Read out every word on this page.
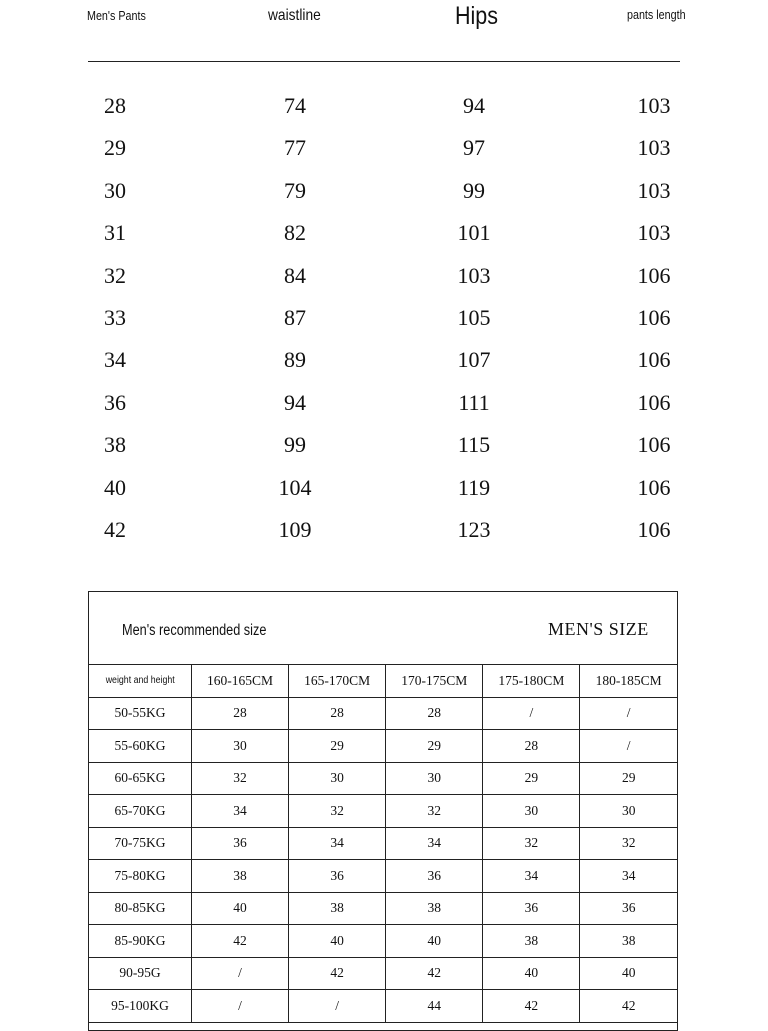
Men's Pants	waistline	Hips	pants length
28	74	94	103
29	77	97	103
30	79	99	103
31	82	101	103
32	84	103	106
33	87	105	106
34	89	107	106
36	94	111	106
38	99	115	106
40	104	119	106
42	109	123	106
Men's recommended size	MEN'S SIZE
weight and height	160-165CM	165-170CM	170-175CM	175-180CM	180-185CM
50-55KG	28	28	28	/	/
55-60KG	30	29	29	28	/
60-65KG	32	30	30	29	29
65-70KG	34	32	32	30	30
70-75KG	36	34	34	32	32
75-80KG	38	36	36	34	34
80-85KG	40	38	38	36	36
85-90KG	42	40	40	38	38
90-95G	/	42	42	40	40
95-100KG	/	/	44	42	42
